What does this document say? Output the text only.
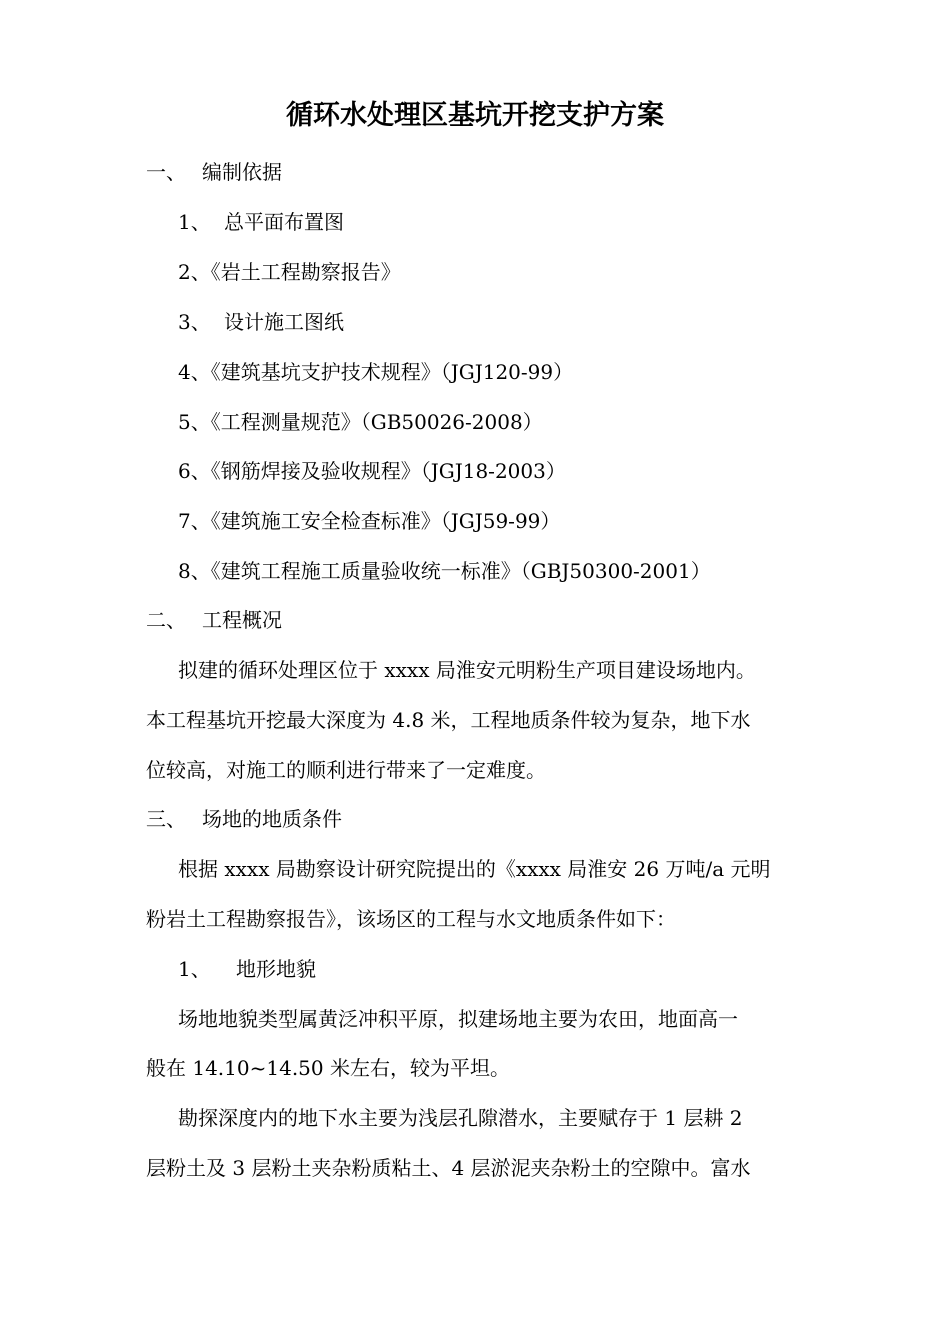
循环水处理区基坑开挖支护方案
一、 编制依据
1、 总平面布置图
2、《岩土工程勘察报告》
3、 设计施工图纸
4、《建筑基坑支护技术规程》（JGJ120-99）
5、《工程测量规范》（GB50026-2008）
6、《钢筋焊接及验收规程》（JGJ18-2003）
7、《建筑施工安全检查标准》（JGJ59-99）
8、《建筑工程施工质量验收统一标准》（GBJ50300-2001）
二、 工程概况
拟建的循环处理区位于 xxxx 局淮安元明粉生产项目建设场地内。
本工程基坑开挖最大深度为 4.8 米，工程地质条件较为复杂，地下水
位较高，对施工的顺利进行带来了一定难度。
三、 场地的地质条件
根据 xxxx 局勘察设计研究院提出的《xxxx 局淮安 26 万吨/a 元明
粉岩土工程勘察报告》，该场区的工程与水文地质条件如下：
1、 地形地貌
场地地貌类型属黄泛冲积平原，拟建场地主要为农田，地面高一
般在 14.10~14.50 米左右，较为平坦。
勘探深度内的地下水主要为浅层孔隙潜水，主要赋存于 1 层耕 2
层粉土及 3 层粉土夹杂粉质粘土、4 层淤泥夹杂粉土的空隙中。富水
